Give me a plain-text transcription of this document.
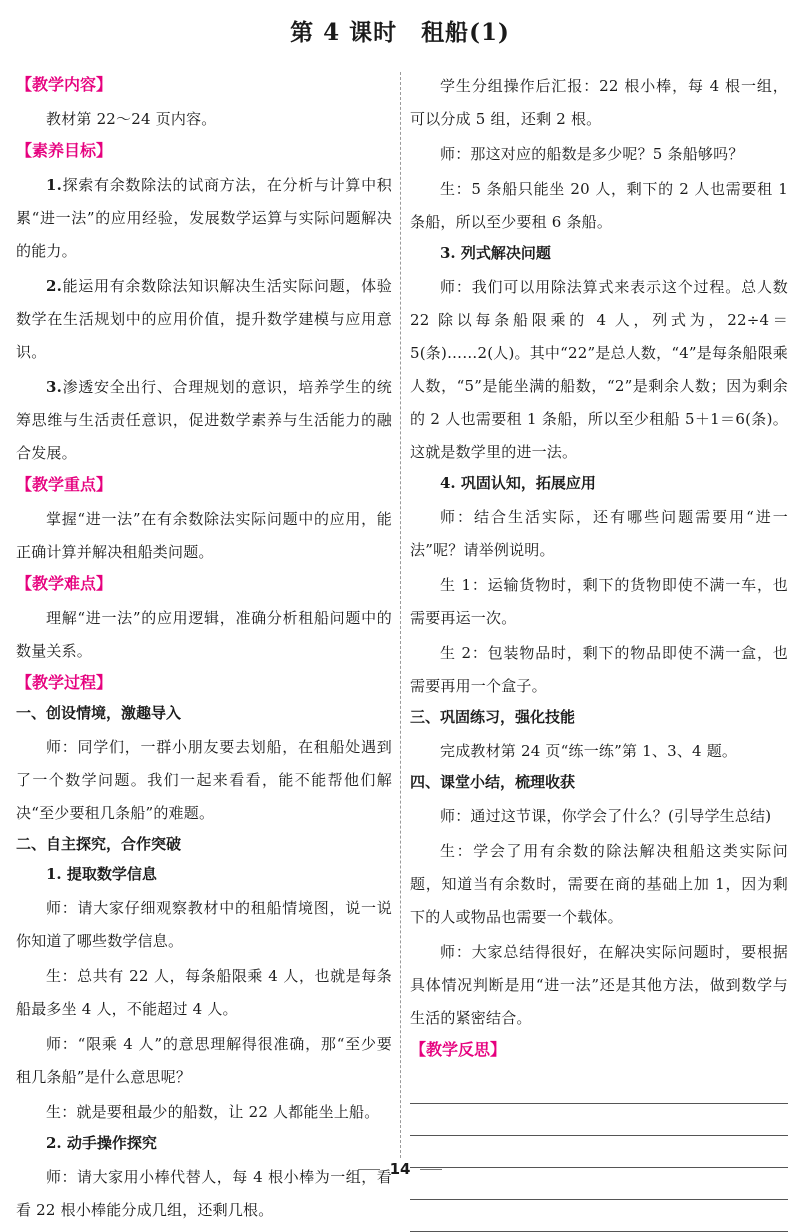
第 4 课时　租船(1)
【教学内容】

教材第 22～24 页内容。

【素养目标】

1.探索有余数除法的试商方法，在分析与计算中积累“进一法”的应用经验，发展数学运算与实际问题解决的能力。

2.能运用有余数除法知识解决生活实际问题，体验数学在生活规划中的应用价值，提升数学建模与应用意识。

3.渗透安全出行、合理规划的意识，培养学生的统筹思维与生活责任意识，促进数学素养与生活能力的融合发展。

【教学重点】

掌握“进一法”在有余数除法实际问题中的应用，能正确计算并解决租船类问题。

【教学难点】

理解“进一法”的应用逻辑，准确分析租船问题中的数量关系。

【教学过程】
一、创设情境，激趣导入

师：同学们，一群小朋友要去划船，在租船处遇到了一个数学问题。我们一起来看看，能不能帮他们解决“至少要租几条船”的难题。

二、自主探究，合作突破
1. 提取数学信息

师：请大家仔细观察教材中的租船情境图，说一说你知道了哪些数学信息。

生：总共有 22 人，每条船限乘 4 人，也就是每条船最多坐 4 人，不能超过 4 人。

师：“限乘 4 人”的意思理解得很准确，那“至少要租几条船”是什么意思呢？

生：就是要租最少的船数，让 22 人都能坐上船。

2. 动手操作探究

师：请大家用小棒代替人，每 4 根小棒为一组，看看 22 根小棒能分成几组，还剩几根。

学生分组操作后汇报：22 根小棒，每 4 根一组，可以分成 5 组，还剩 2 根。

师：那这对应的船数是多少呢？5 条船够吗？

生：5 条船只能坐 20 人，剩下的 2 人也需要租 1 条船，所以至少要租 6 条船。

3. 列式解决问题

师：我们可以用除法算式来表示这个过程。总人数 22 除以每条船限乘的 4 人，列式为，22÷4＝5(条)……2(人)。其中“22”是总人数，“4”是每条船限乘人数，“5”是能坐满的船数，“2”是剩余人数；因为剩余的 2 人也需要租 1 条船，所以至少租船 5＋1＝6(条)。这就是数学里的进一法。

4. 巩固认知，拓展应用

师：结合生活实际，还有哪些问题需要用“进一法”呢？请举例说明。

生 1：运输货物时，剩下的货物即使不满一车，也需要再运一次。

生 2：包装物品时，剩下的物品即使不满一盒，也需要再用一个盒子。

三、巩固练习，强化技能

完成教材第 24 页“练一练”第 1、3、4 题。

四、课堂小结，梳理收获

师：通过这节课，你学会了什么？(引导学生总结)

生：学会了用有余数的除法解决租船这类实际问题，知道当有余数时，需要在商的基础上加 1，因为剩下的人或物品也需要一个载体。

师：大家总结得很好，在解决实际问题时，要根据具体情况判断是用“进一法”还是其他方法，做到数学与生活的紧密结合。

【教学反思】
14
